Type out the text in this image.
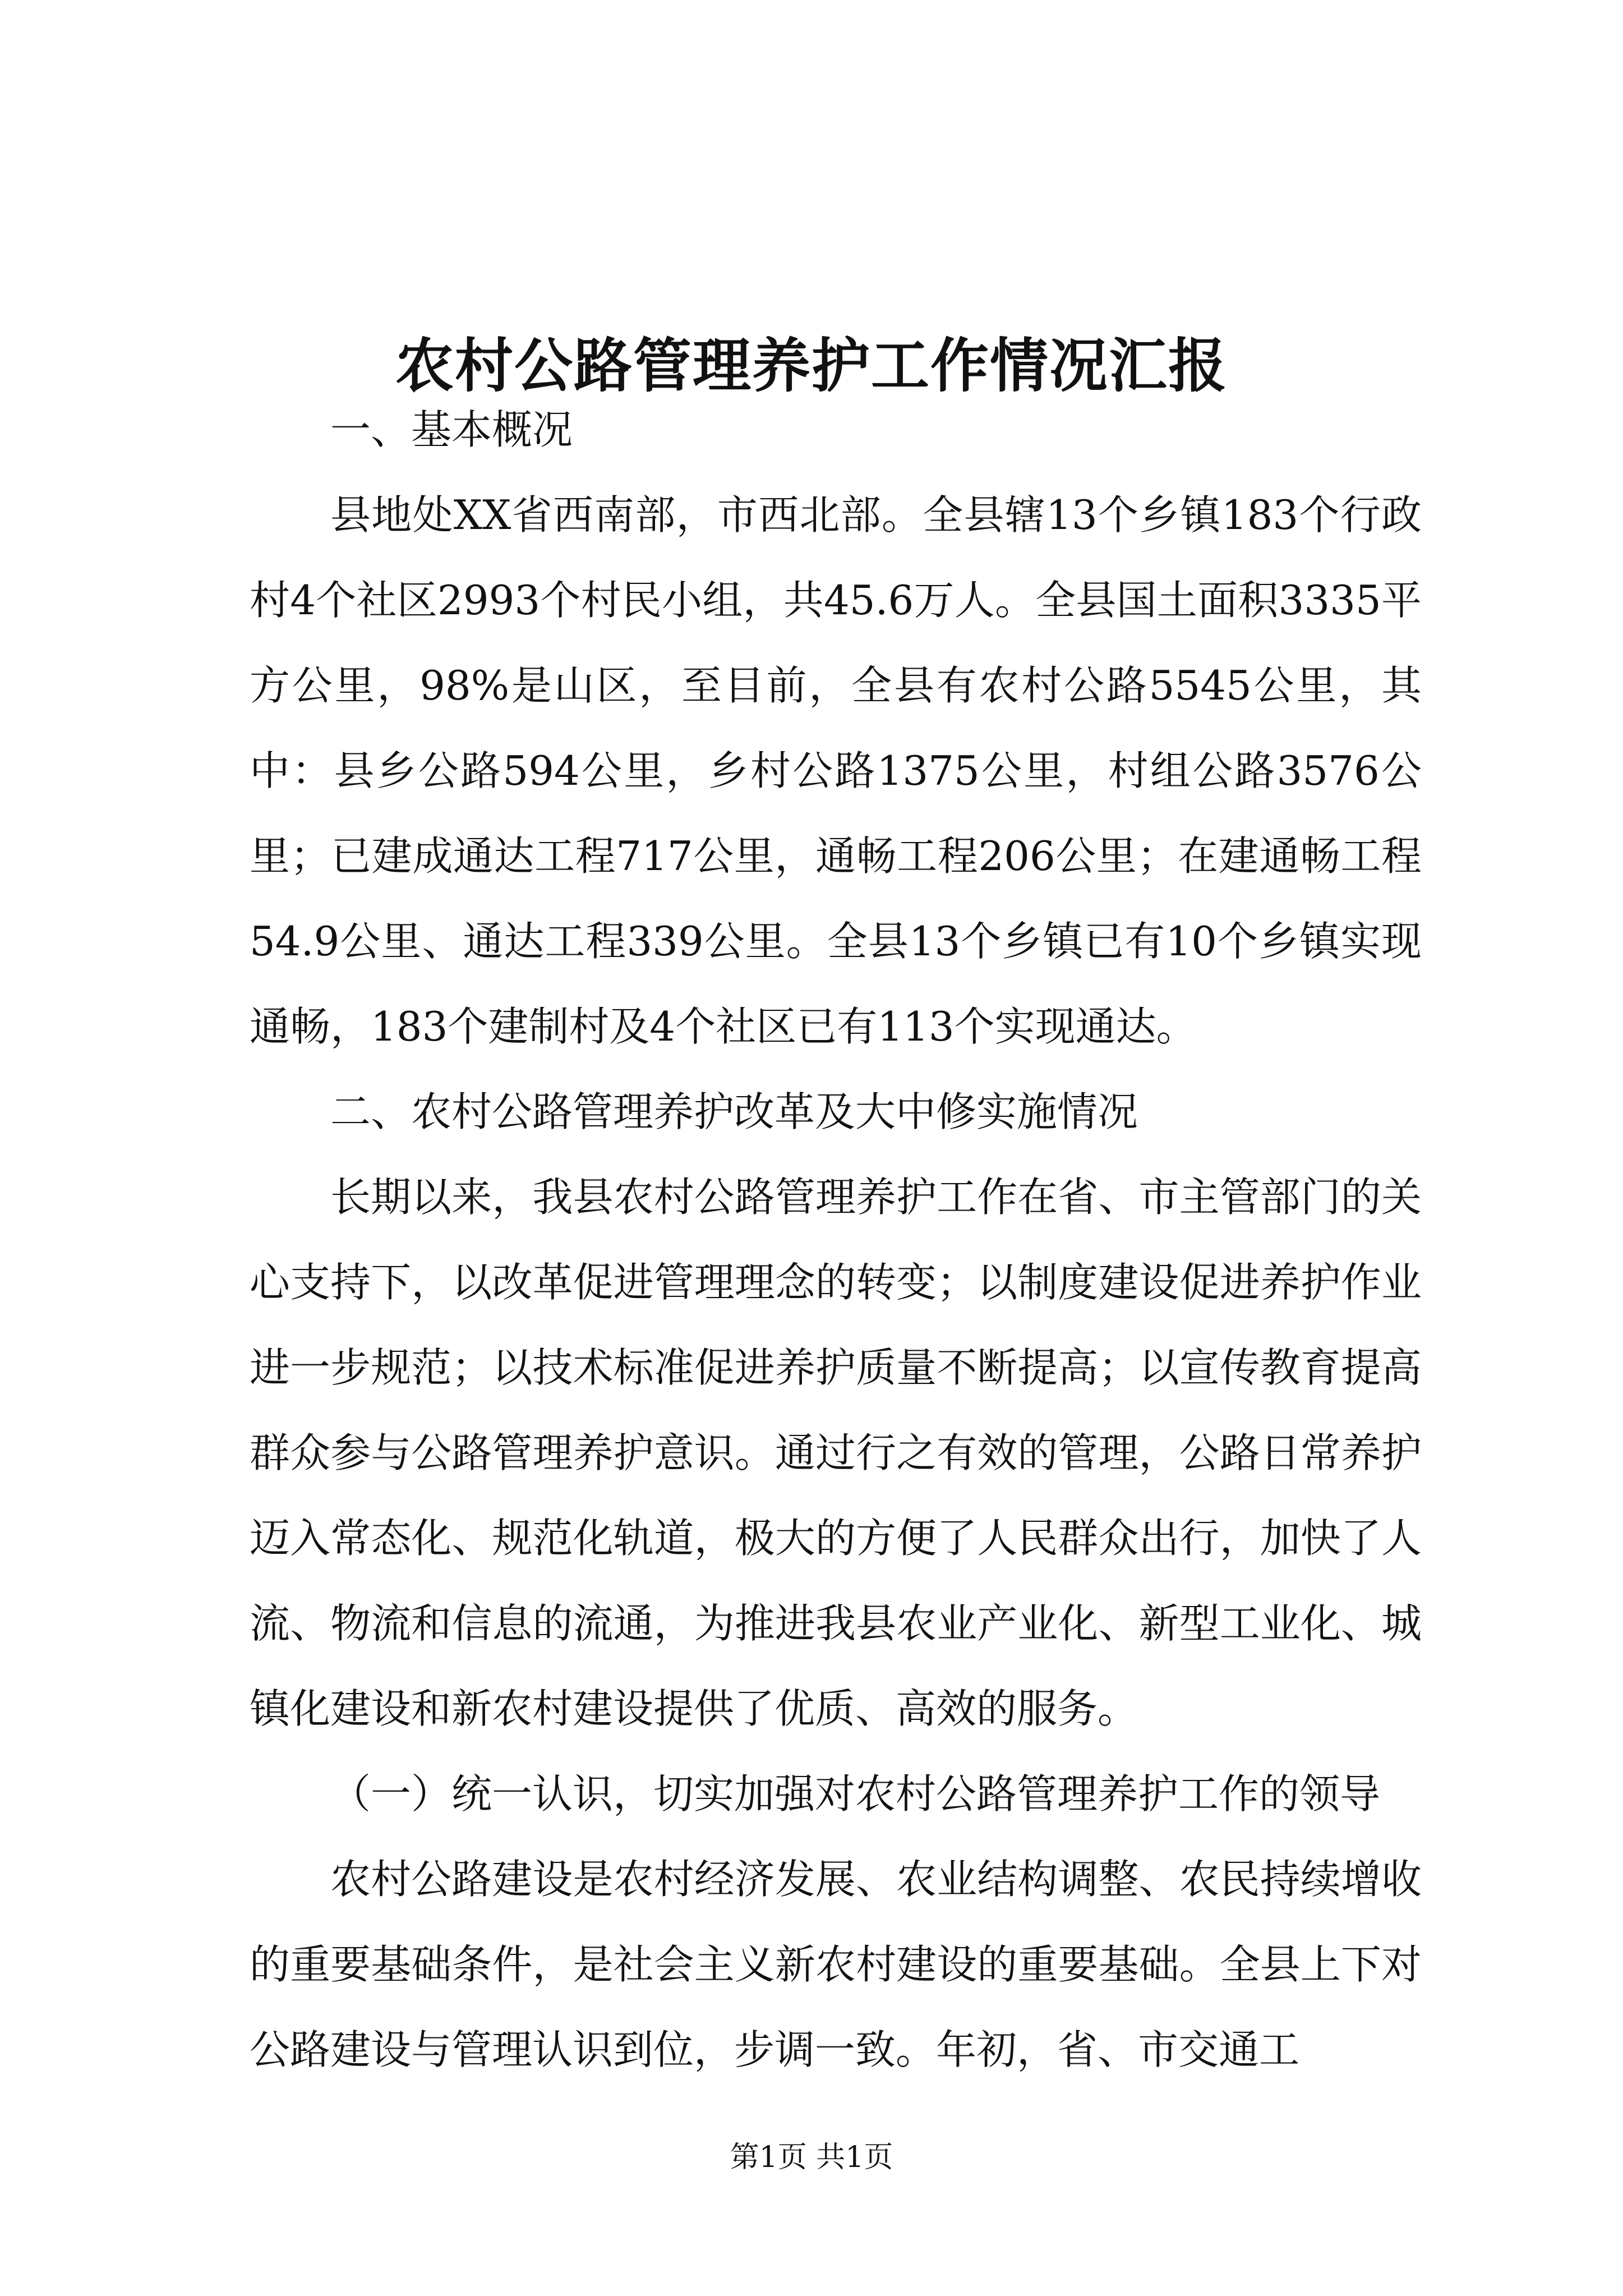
农村公路管理养护工作情况汇报

一、基本概况

县地处XX省西南部，市西北部。全县辖13个乡镇183个行政村4个社区2993个村民小组，共45.6万人。全县国土面积3335平方公里，98%是山区，至目前，全县有农村公路5545公里，其中：县乡公路594公里，乡村公路1375公里，村组公路3576公里；已建成通达工程717公里，通畅工程206公里；在建通畅工程54.9公里、通达工程339公里。全县13个乡镇已有10个乡镇实现通畅，183个建制村及4个社区已有113个实现通达。

二、农村公路管理养护改革及大中修实施情况

长期以来，我县农村公路管理养护工作在省、市主管部门的关心支持下，以改革促进管理理念的转变；以制度建设促进养护作业进一步规范；以技术标准促进养护质量不断提高；以宣传教育提高群众参与公路管理养护意识。通过行之有效的管理，公路日常养护迈入常态化、规范化轨道，极大的方便了人民群众出行，加快了人流、物流和信息的流通，为推进我县农业产业化、新型工业化、城镇化建设和新农村建设提供了优质、高效的服务。

（一）统一认识，切实加强对农村公路管理养护工作的领导

农村公路建设是农村经济发展、农业结构调整、农民持续增收的重要基础条件，是社会主义新农村建设的重要基础。全县上下对公路建设与管理认识到位，步调一致。年初，省、市交通工

第1页 共1页
